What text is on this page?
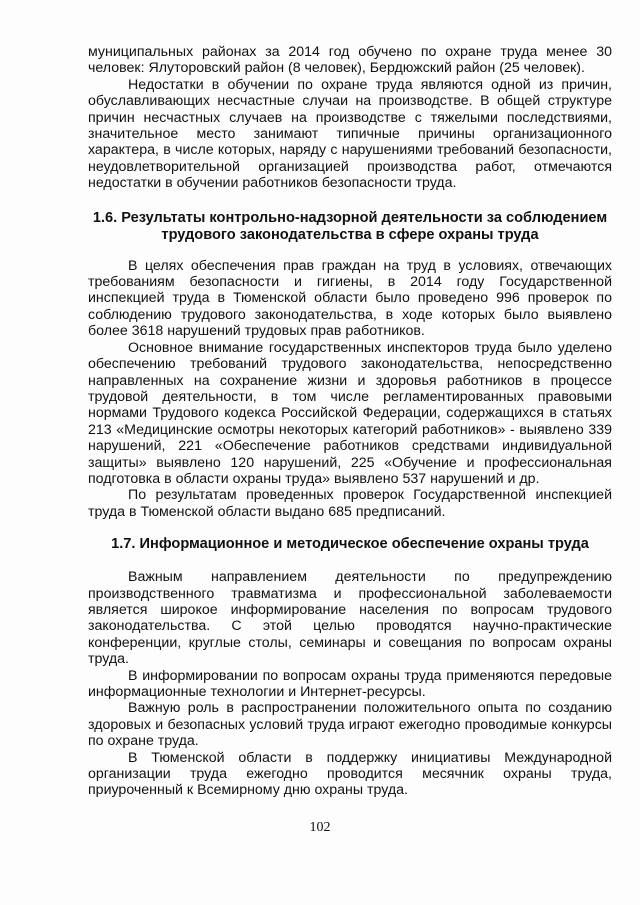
муниципальных районах за 2014 год обучено по охране труда менее 30 человек: Ялуторовский район (8 человек), Бердюжский район (25 человек).

Недостатки в обучении по охране труда являются одной из причин, обуславливающих несчастные случаи на производстве. В общей структуре причин несчастных случаев на производстве с тяжелыми последствиями, значительное место занимают типичные причины организационного характера, в числе которых, наряду с нарушениями требований безопасности, неудовлетворительной организацией производства работ, отмечаются недостатки в обучении работников безопасности труда.

1.6. Результаты контрольно-надзорной деятельности за соблюдением трудового законодательства в сфере охраны труда

В целях обеспечения прав граждан на труд в условиях, отвечающих требованиям безопасности и гигиены, в 2014 году Государственной инспекцией труда в Тюменской области было проведено 996 проверок по соблюдению трудового законодательства, в ходе которых было выявлено более 3618 нарушений трудовых прав работников.

Основное внимание государственных инспекторов труда было уделено обеспечению требований трудового законодательства, непосредственно направленных на сохранение жизни и здоровья работников в процессе трудовой деятельности, в том числе регламентированных правовыми нормами Трудового кодекса Российской Федерации, содержащихся в статьях 213 «Медицинские осмотры некоторых категорий работников» - выявлено 339 нарушений, 221 «Обеспечение работников средствами индивидуальной защиты» выявлено 120 нарушений, 225 «Обучение и профессиональная подготовка в области охраны труда» выявлено 537 нарушений и др.

По результатам проведенных проверок Государственной инспекцией труда в Тюменской области выдано 685 предписаний.

1.7. Информационное и методическое обеспечение охраны труда

Важным направлением деятельности по предупреждению производственного травматизма и профессиональной заболеваемости является широкое информирование населения по вопросам трудового законодательства. С этой целью проводятся научно-практические конференции, круглые столы, семинары и совещания по вопросам охраны труда.

В информировании по вопросам охраны труда применяются передовые информационные технологии и Интернет-ресурсы.

Важную роль в распространении положительного опыта по созданию здоровых и безопасных условий труда играют ежегодно проводимые конкурсы по охране труда.

В Тюменской области в поддержку инициативы Международной организации труда ежегодно проводится месячник охраны труда, приуроченный к Всемирному дню охраны труда.

102
